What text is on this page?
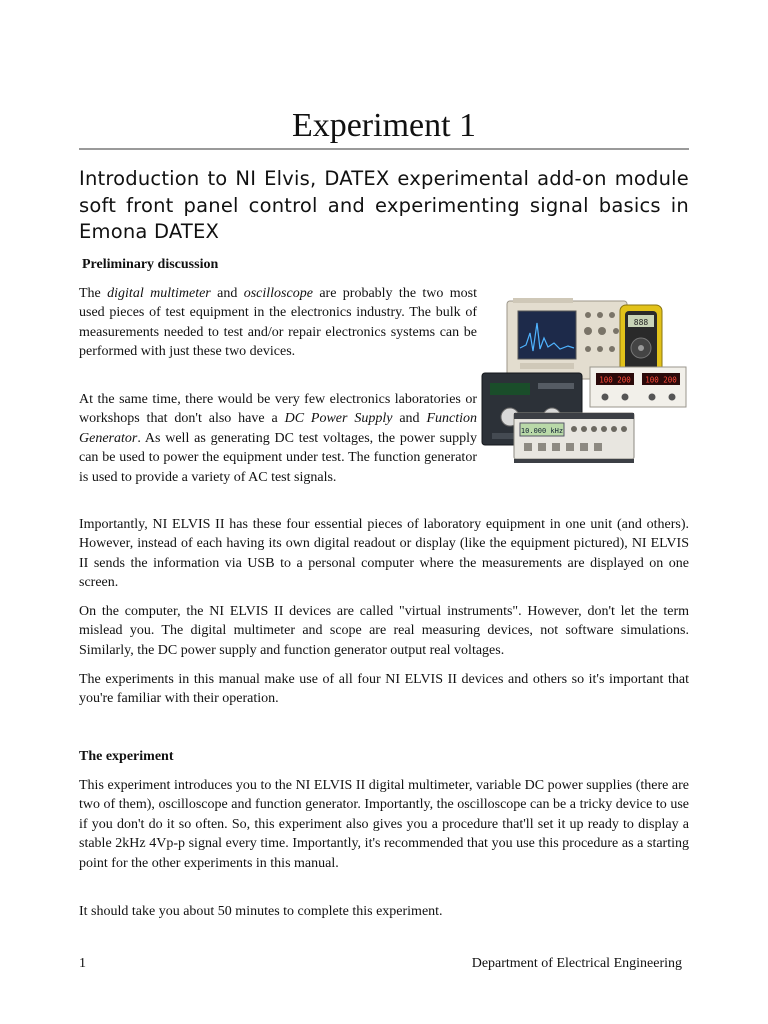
Experiment 1
Introduction to NI Elvis, DATEX experimental add-on module soft front panel control and experimenting signal basics in Emona DATEX
Preliminary discussion

The digital multimeter and oscilloscope are probably the two most used pieces of test equipment in the electronics industry. The bulk of measurements needed to test and/or repair electronics systems can be performed with just these two devices.

At the same time, there would be very few electronics laboratories or workshops that don't also have a DC Power Supply and Function Generator. As well as generating DC test voltages, the power supply can be used to power the equipment under test. The function generator is used to provide a variety of AC test signals.

888
100 200 100 200
10.000 kHz

Importantly, NI ELVIS II has these four essential pieces of laboratory equipment in one unit (and others). However, instead of each having its own digital readout or display (like the equipment pictured), NI ELVIS II sends the information via USB to a personal computer where the measurements are displayed on one screen.

On the computer, the NI ELVIS II devices are called "virtual instruments". However, don't let the term mislead you. The digital multimeter and scope are real measuring devices, not software simulations. Similarly, the DC power supply and function generator output real voltages.

The experiments in this manual make use of all four NI ELVIS II devices and others so it's important that you're familiar with their operation.

The experiment

This experiment introduces you to the NI ELVIS II digital multimeter, variable DC power supplies (there are two of them), oscilloscope and function generator. Importantly, the oscilloscope can be a tricky device to use if you don't do it so often. So, this experiment also gives you a procedure that'll set it up ready to display a stable 2kHz 4Vp-p signal every time. Importantly, it's recommended that you use this procedure as a starting point for the other experiments in this manual.

It should take you about 50 minutes to complete this experiment.

1	Department of Electrical Engineering
